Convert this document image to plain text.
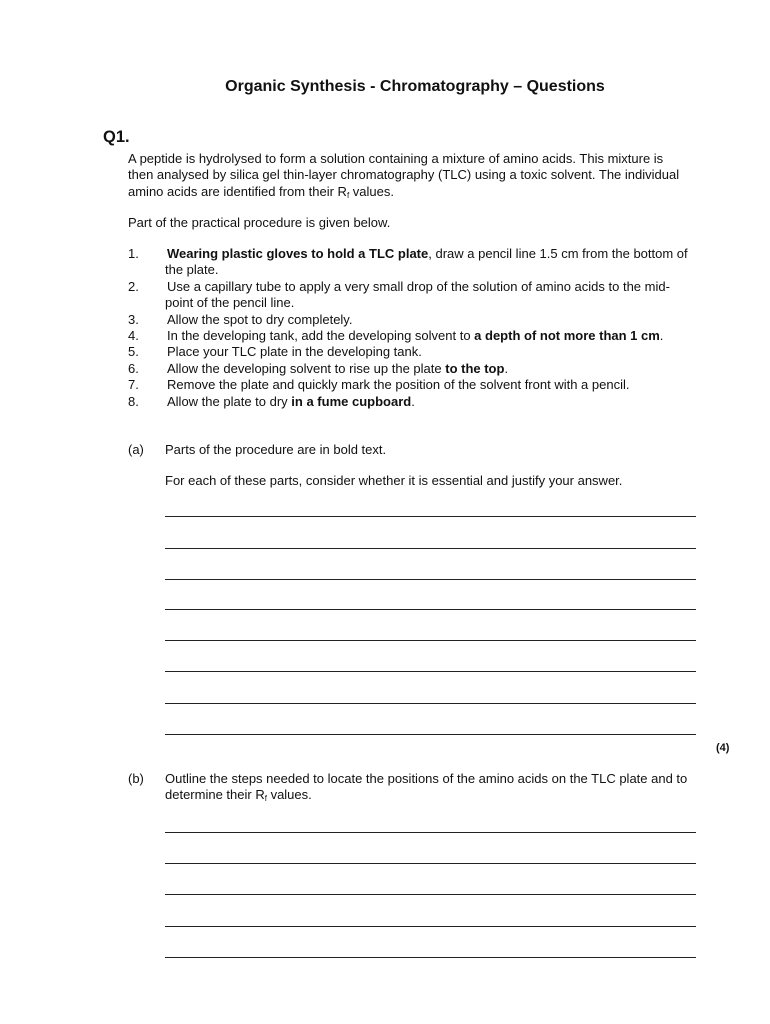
Organic Synthesis - Chromatography – Questions
Q1.
A peptide is hydrolysed to form a solution containing a mixture of amino acids. This mixture is then analysed by silica gel thin-layer chromatography (TLC) using a toxic solvent. The individual amino acids are identified from their $R_f$ values.
Part of the practical procedure is given below.
1.	Wearing plastic gloves to hold a TLC plate, draw a pencil line 1.5 cm from the bottom of the plate.
2.	Use a capillary tube to apply a very small drop of the solution of amino acids to the mid-point of the pencil line.
3.	Allow the spot to dry completely.
4.	In the developing tank, add the developing solvent to a depth of not more than 1 cm.
5.	Place your TLC plate in the developing tank.
6.	Allow the developing solvent to rise up the plate to the top.
7.	Remove the plate and quickly mark the position of the solvent front with a pencil.
8.	Allow the plate to dry in a fume cupboard.
(a) Parts of the procedure are in bold text.
For each of these parts, consider whether it is essential and justify your answer.
(4)
(b) Outline the steps needed to locate the positions of the amino acids on the TLC plate and to determine their $R_f$ values.
